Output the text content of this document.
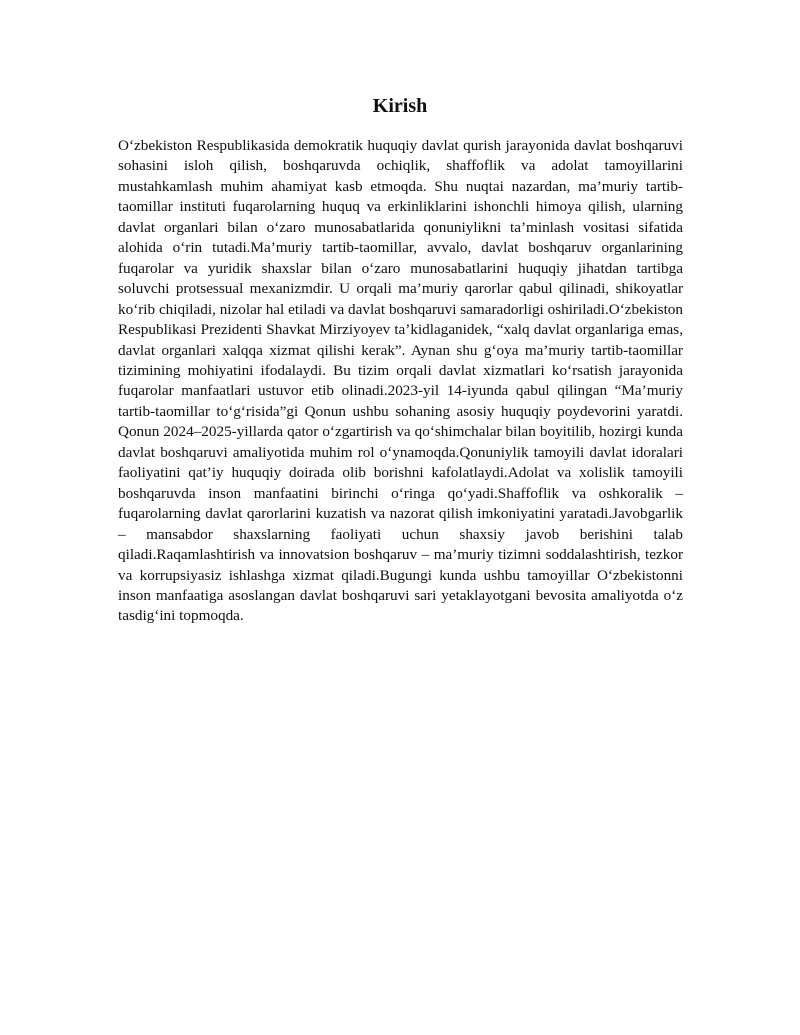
Kirish

O‘zbekiston Respublikasida demokratik huquqiy davlat qurish jarayonida davlat boshqaruvi sohasini isloh qilish, boshqaruvda ochiqlik, shaffoflik va adolat tamoyillarini mustahkamlash muhim ahamiyat kasb etmoqda. Shu nuqtai nazardan, ma’muriy tartib-taomillar instituti fuqarolarning huquq va erkinliklarini ishonchli himoya qilish, ularning davlat organlari bilan o‘zaro munosabatlarida qonuniylikni ta’minlash vositasi sifatida alohida o‘rin tutadi.Ma’muriy tartib-taomillar, avvalo, davlat boshqaruv organlarining fuqarolar va yuridik shaxslar bilan o‘zaro munosabatlarini huquqiy jihatdan tartibga soluvchi protsessual mexanizmdir. U orqali ma’muriy qarorlar qabul qilinadi, shikoyatlar ko‘rib chiqiladi, nizolar hal etiladi va davlat boshqaruvi samaradorligi oshiriladi.O‘zbekiston Respublikasi Prezidenti Shavkat Mirziyoyev ta’kidlaganidek, “xalq davlat organlariga emas, davlat organlari xalqqa xizmat qilishi kerak”. Aynan shu g‘oya ma’muriy tartib-taomillar tizimining mohiyatini ifodalaydi. Bu tizim orqali davlat xizmatlari ko‘rsatish jarayonida fuqarolar manfaatlari ustuvor etib olinadi.2023-yil 14-iyunda qabul qilingan “Ma’muriy tartib-taomillar to‘g‘risida”gi Qonun ushbu sohaning asosiy huquqiy poydevorini yaratdi. Qonun 2024–2025-yillarda qator o‘zgartirish va qo‘shimchalar bilan boyitilib, hozirgi kunda davlat boshqaruvi amaliyotida muhim rol o‘ynamoqda.Qonuniylik tamoyili davlat idoralari faoliyatini qat’iy huquqiy doirada olib borishni kafolatlaydi.Adolat va xolislik tamoyili boshqaruvda inson manfaatini birinchi o‘ringa qo‘yadi.Shaffoflik va oshkoralik – fuqarolarning davlat qarorlarini kuzatish va nazorat qilish imkoniyatini yaratadi.Javobgarlik – mansabdor shaxslarning faoliyati uchun shaxsiy javob berishini talab qiladi.Raqamlashtirish va innovatsion boshqaruv – ma’muriy tizimni soddalashtirish, tezkor va korrupsiyasiz ishlashga xizmat qiladi.Bugungi kunda ushbu tamoyillar O‘zbekistonni inson manfaatiga asoslangan davlat boshqaruvi sari yetaklayotgani bevosita amaliyotda o‘z tasdig‘ini topmoqda.
